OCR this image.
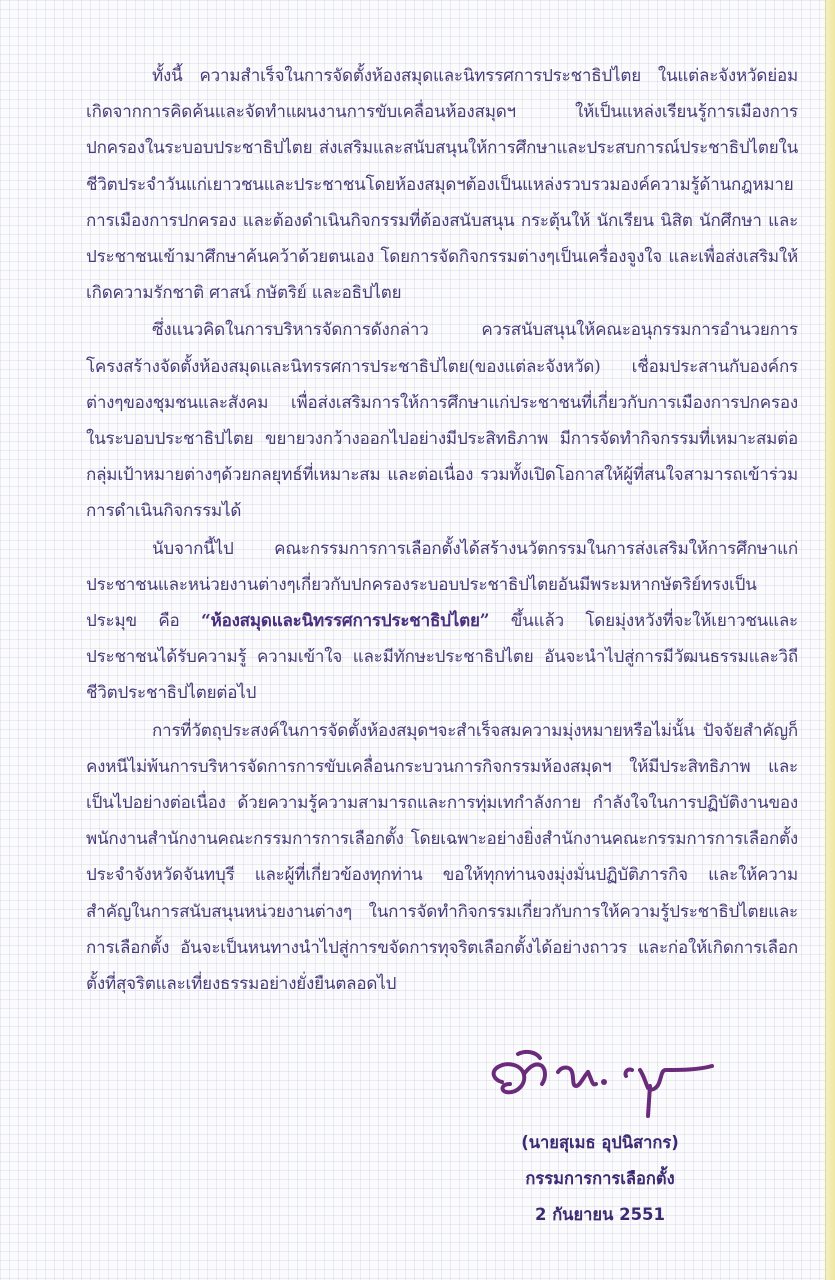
ทั้งนี้ ความสำเร็จในการจัดตั้งห้องสมุดและนิทรรศการประชาธิปไตย ในแต่ละจังหวัดย่อมเกิดจากการคิดค้นและจัดทำแผนงานการขับเคลื่อนห้องสมุดฯ ให้เป็นแหล่งเรียนรู้การเมืองการปกครองในระบอบประชาธิปไตย ส่งเสริมและสนับสนุนให้การศึกษาและประสบการณ์ประชาธิปไตยในชีวิตประจำวันแก่เยาวชนและประชาชนโดยห้องสมุดฯต้องเป็นแหล่งรวบรวมองค์ความรู้ด้านกฎหมาย การเมืองการปกครอง และต้องดำเนินกิจกรรมที่ต้องสนับสนุน กระตุ้นให้ นักเรียน นิสิต นักศึกษา และประชาชนเข้ามาศึกษาค้นคว้าด้วยตนเอง โดยการจัดกิจกรรมต่างๆเป็นเครื่องจูงใจ และเพื่อส่งเสริมให้เกิดความรักชาติ ศาสน์ กษัตริย์ และอธิปไตย

ซึ่งแนวคิดในการบริหารจัดการดังกล่าว ควรสนับสนุนให้คณะอนุกรรมการอำนวยการโครงสร้างจัดตั้งห้องสมุดและนิทรรศการประชาธิปไตย(ของแต่ละจังหวัด) เชื่อมประสานกับองค์กรต่างๆของชุมชนและสังคม เพื่อส่งเสริมการให้การศึกษาแก่ประชาชนที่เกี่ยวกับการเมืองการปกครองในระบอบประชาธิปไตย ขยายวงกว้างออกไปอย่างมีประสิทธิภาพ มีการจัดทำกิจกรรมที่เหมาะสมต่อกลุ่มเป้าหมายต่างๆด้วยกลยุทธ์ที่เหมาะสม และต่อเนื่อง รวมทั้งเปิดโอกาสให้ผู้ที่สนใจสามารถเข้าร่วมการดำเนินกิจกรรมได้

นับจากนี้ไป คณะกรรมการการเลือกตั้งได้สร้างนวัตกรรมในการส่งเสริมให้การศึกษาแก่ประชาชนและหน่วยงานต่างๆเกี่ยวกับปกครองระบอบประชาธิปไตยอันมีพระมหากษัตริย์ทรงเป็นประมุข คือ “ห้องสมุดและนิทรรศการประชาธิปไตย” ขึ้นแล้ว โดยมุ่งหวังที่จะให้เยาวชนและประชาชนได้รับความรู้ ความเข้าใจ และมีทักษะประชาธิปไตย อันจะนำไปสู่การมีวัฒนธรรมและวิถีชีวิตประชาธิปไตยต่อไป

การที่วัตถุประสงค์ในการจัดตั้งห้องสมุดฯจะสำเร็จสมความมุ่งหมายหรือไม่นั้น ปัจจัยสำคัญก็คงหนีไม่พ้นการบริหารจัดการการขับเคลื่อนกระบวนการกิจกรรมห้องสมุดฯ ให้มีประสิทธิภาพ และเป็นไปอย่างต่อเนื่อง ด้วยความรู้ความสามารถและการทุ่มเทกำลังกาย กำลังใจในการปฏิบัติงานของพนักงานสำนักงานคณะกรรมการการเลือกตั้ง โดยเฉพาะอย่างยิ่งสำนักงานคณะกรรมการการเลือกตั้งประจำจังหวัดจันทบุรี และผู้ที่เกี่ยวข้องทุกท่าน ขอให้ทุกท่านจงมุ่งมั่นปฏิบัติภารกิจ และให้ความสำคัญในการสนับสนุนหน่วยงานต่างๆ ในการจัดทำกิจกรรมเกี่ยวกับการให้ความรู้ประชาธิปไตยและการเลือกตั้ง อันจะเป็นหนทางนำไปสู่การขจัดการทุจริตเลือกตั้งได้อย่างถาวร และก่อให้เกิดการเลือกตั้งที่สุจริตและเที่ยงธรรมอย่างยั่งยืนตลอดไป

(นายสุเมธ อุปนิสากร)
กรรมการการเลือกตั้ง
2 กันยายน 2551
